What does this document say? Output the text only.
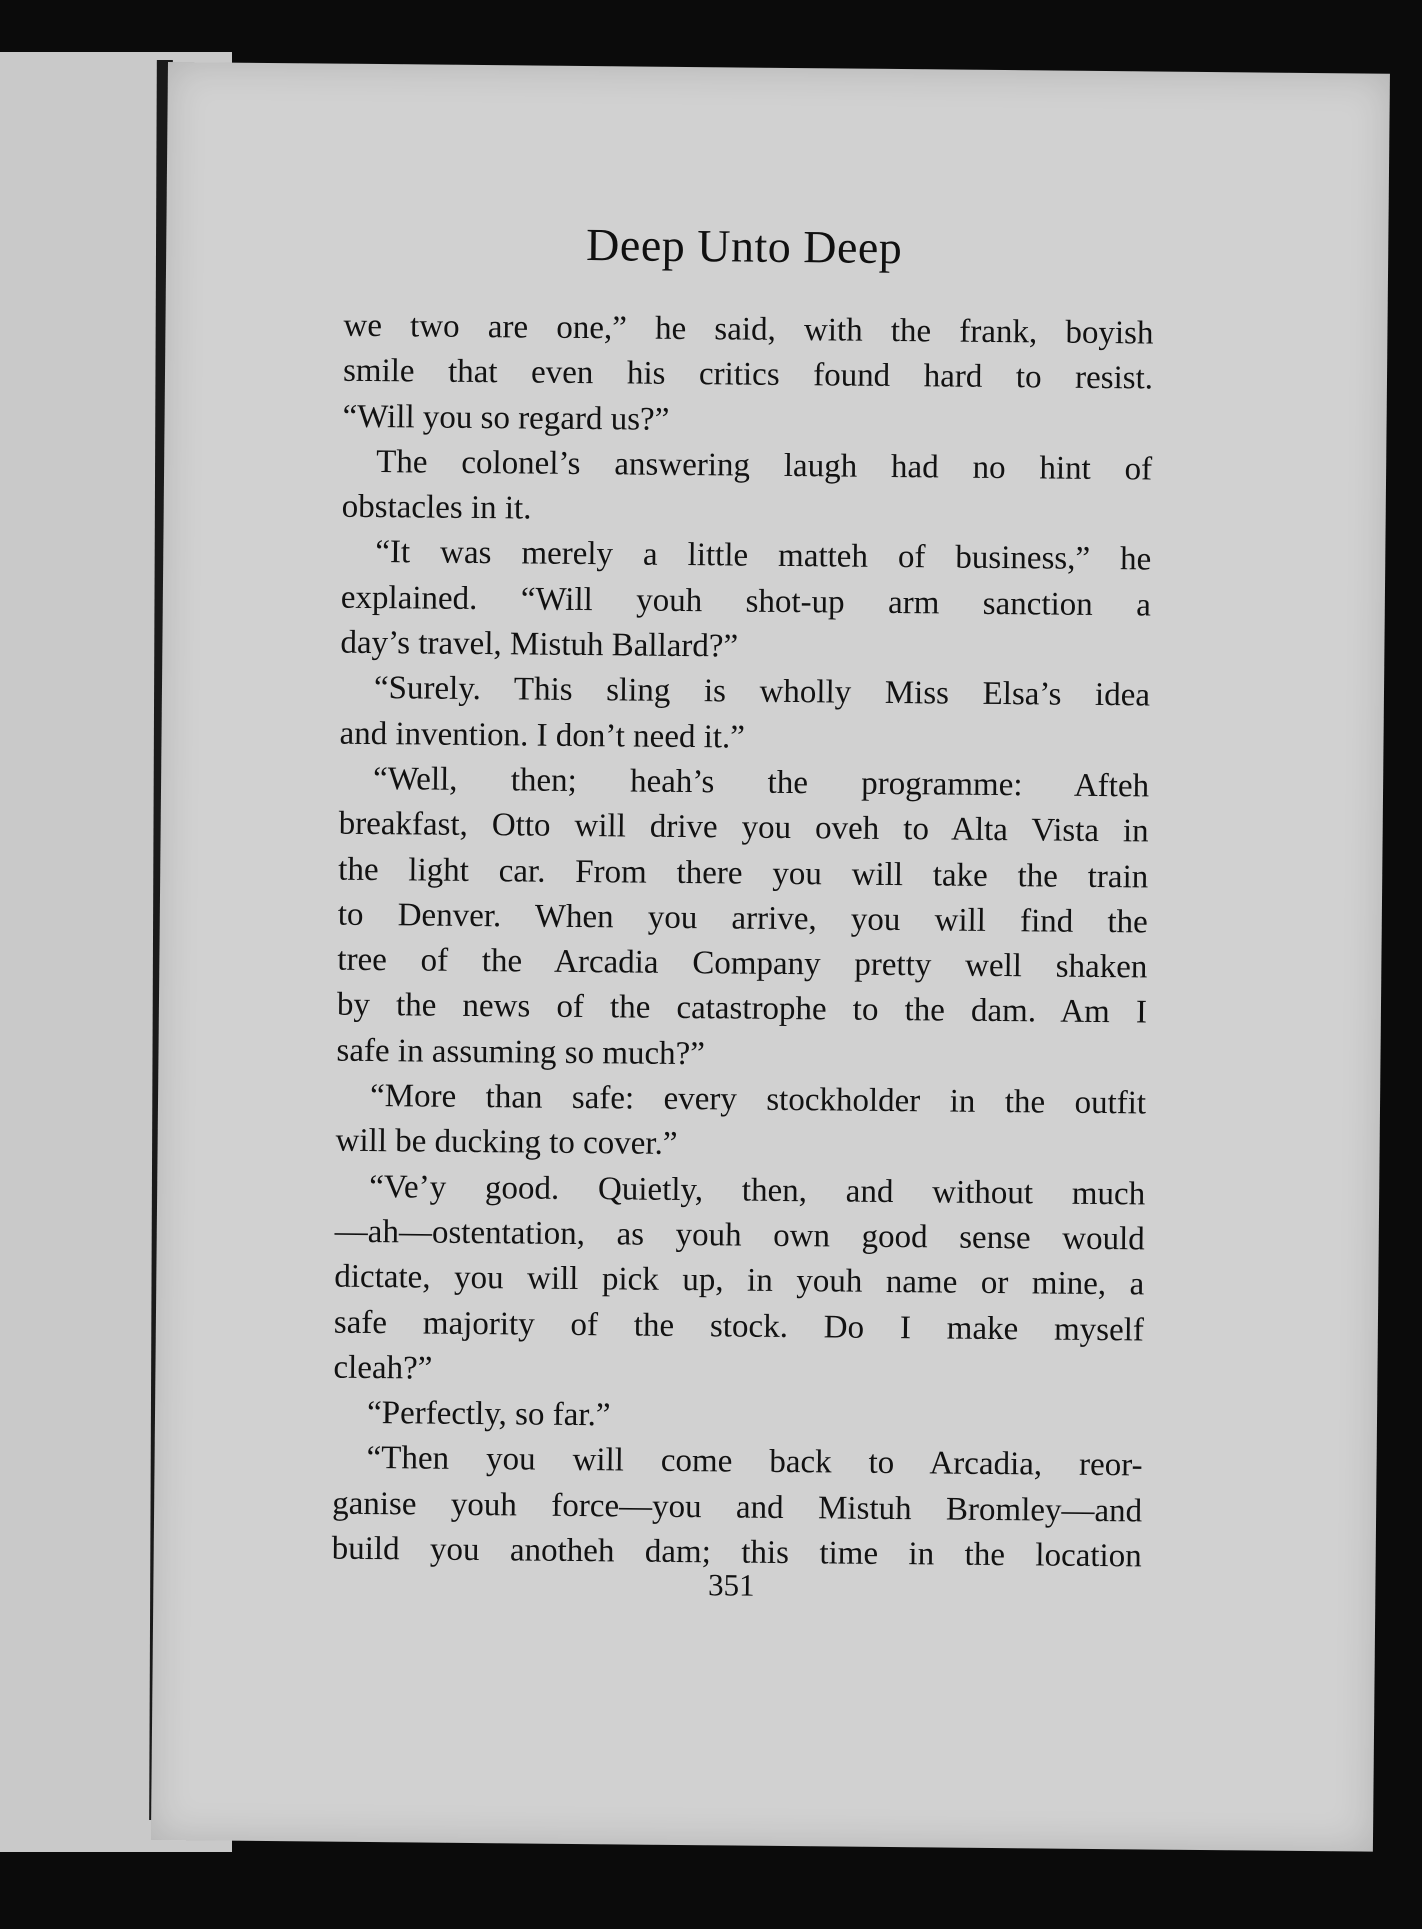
Deep Unto Deep
we two are one,” he said, with the frank, boyish
smile that even his critics found hard to resist.
“Will you so regard us?”
The colonel’s answering laugh had no hint of
obstacles in it.
“It was merely a little matteh of business,” he
explained. “Will youh shot-up arm sanction a
day’s travel, Mistuh Ballard?”
“Surely. This sling is wholly Miss Elsa’s idea
and invention. I don’t need it.”
“Well, then; heah’s the programme: Afteh
breakfast, Otto will drive you oveh to Alta Vista in
the light car. From there you will take the train
to Denver. When you arrive, you will find the
tree of the Arcadia Company pretty well shaken
by the news of the catastrophe to the dam. Am I
safe in assuming so much?”
“More than safe: every stockholder in the outfit
will be ducking to cover.”
“Ve’y good. Quietly, then, and without much
—ah—ostentation, as youh own good sense would
dictate, you will pick up, in youh name or mine, a
safe majority of the stock. Do I make myself
cleah?”
“Perfectly, so far.”
“Then you will come back to Arcadia, reor-
ganise youh force—you and Mistuh Bromley—and
build you anotheh dam; this time in the location
351
